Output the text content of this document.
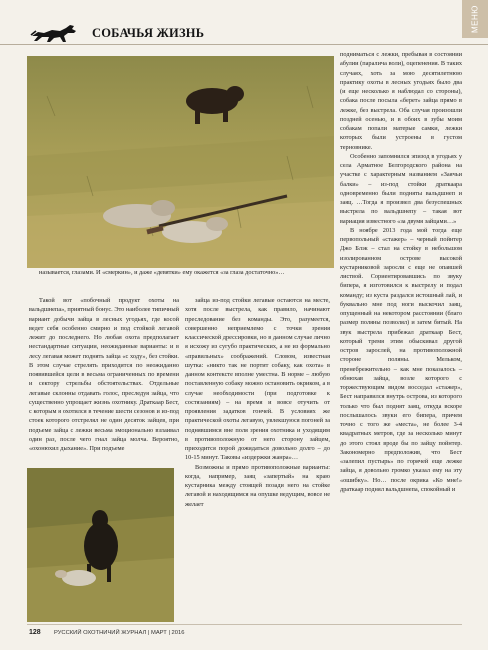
СОБАЧЬЯ ЖИЗНЬ
МЕНЮ

называется, глазами. И «смеркин», и даже «девятки» ему окажется «за глаза достаточно»…

Такой вот «побочный продукт охоты на вальдшнепа», приятный бонус. Это наиболее типичный вариант добычи зайца в лесных угодьях, где косой ведет себя особенно смирно и под стойкой легавой лежит до последнего. Но любая охота предполагает нестандартные ситуации, неожиданные варианты: и в лесу легавая может поднять зайца «с ходу», без стойки. В этом случае стрелять приходится по неожиданно появившейся цели в весьма ограниченных по времени и сектору стрельбы обстоятельствах. Отдельные легавые склонны отдавать голос, преследуя зайца, что существенно упрощает жизнь охотнику. Драткаар Бест, с которым я охотился в течение шести сезонов и из-под стоек которого отстрелял не один десяток зайцев, при подъеме зайца с лежки весьма эмоционально взлаивал один раз, после чего гнал зайца молча. Вероятно, «охонюхил дыхание». При подъеме

зайца из-под стойки легавые остаются на месте, хотя после выстрела, как правило, начинают преследование без команды. Это, разумеется, совершенно неприемлемо с точки зрения классической дрессировки, но в данном случае лично я исхожу из сугубо практических, а не из формально «правильных» соображений. Словом, известная шутка: «никто так не портит собаку, как охота» в данном контексте вполне уместна. В норме – любую поставленную собаку можно остановить окриком, а в случае необходимости (при подготовке к состязаниям) – на время и вовсе отучить от проявления задатков гончей. В условиях же практической охоты легавую, увлекшуюся погоней за поднявшимся вне поля зрения охотника и уходящим в противоположную от него сторону зайцем, приходится порой дожидаться довольно долго – до 10-15 минут. Таковы «издержки жанра»…

Возможны и прямо противоположные варианты: когда, например, заяц «запертый» на краю кустарника между стоящей позади него на стойке легавой и находящимся на опушке ведущим, вовсе не желает

подниматься с лежки, пребывая в состоянии абулии (паралича воли), оцепенения. В таких случаях, хоть за мою десятилетнюю практику охоты в лесных угодьях было два (и еще несколько я наблюдал со стороны), собака после посыла «берет» зайца прямо в лежке, без выстрела. Оба случая произошли поздней осенью, и в обоих в зубы моим собакам попали матерые самки, лежки которых были устроены в густом терновнике.

Особенно запомнился эпизод в угодьях у села Арматное Белгородского района на участке с характерным названием «Заячьи балки» – из-под стойки драткаара одновременно были подняты вальдшнеп и заяц. …Тогда я произвел два безуспешных выстрела по вальдшнепу – такая вот вариация известного «за двумя зайцами…»

В ноябре 2013 года мой тогда еще первопольный «стажер» – черный пойнтер Джо Блэк – стал на стойку в небольшом изолированном острове высокой кустарниковой заросли с еще не опавшей листвой. Сориентировавшись по звуку бипера, я изготовился к выстрелу и подал команду; из куста раздался истошный лай, и буквально мне под ноги выскочил заяц, опущенный на некотором расстоянии (благо размер поляны позволял) и затем битый. На звук выстрела прибежал драткаар Бест, который тремя этим обыскивал другой остров зарослей, на противоположной стороне поляны. Мельком, пренебрежительно – как мне показалось – обнюхав зайца, возле которого с торжествующим видом восседал «стажер», Бест направился внутрь острова, из которого только что был поднят заяц, откуда вскоре послышалось звуки его бипера, причем точно с того же «места», не более 3-4 квадратных метров, где за несколько минут до этого стоял вроде бы по зайцу пойнтер. Закономерно предположив, что Бест «залепил пустырь» по горячей еще лежке зайца, я довольно громко указал ему на эту «ошибку». Но… после окрика «Ко мне!» драткаар поднял вальдшнепа, спокойный и

128 РУССКИЙ ОХОТНИЧИЙ ЖУРНАЛ | МАРТ | 2016
